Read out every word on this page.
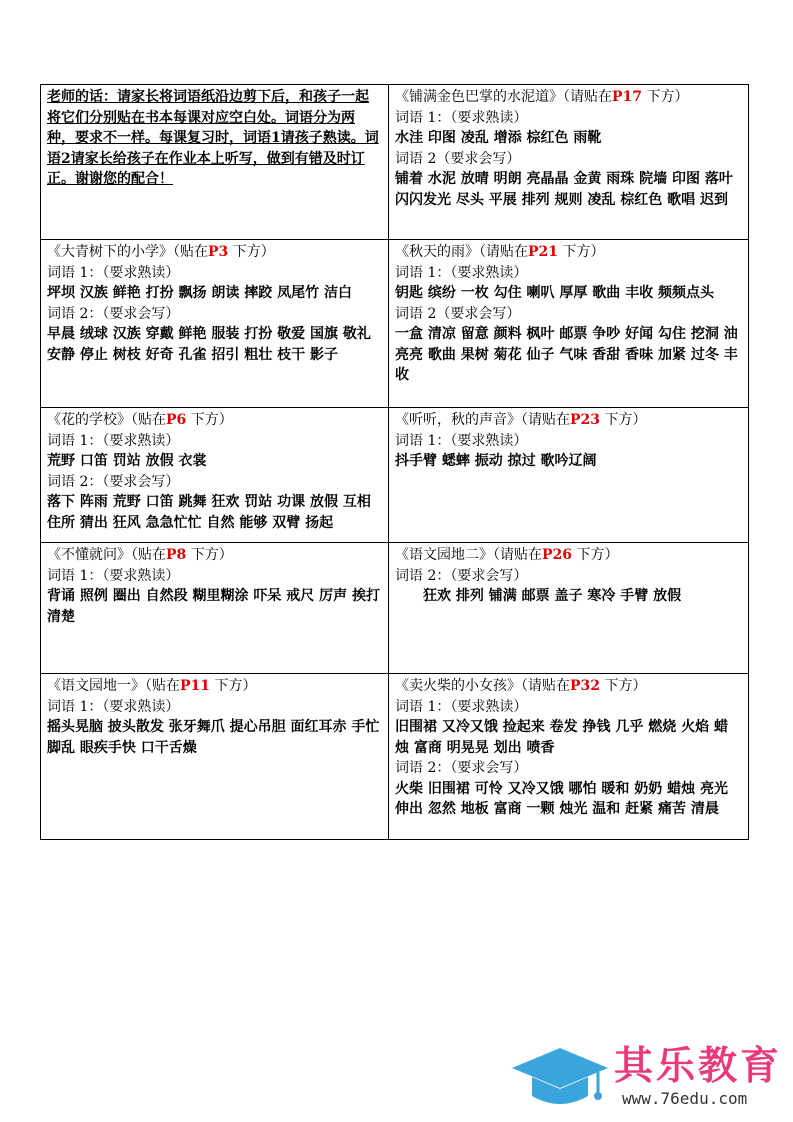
老师的话：请家长将词语纸沿边剪下后，和孩子一起将它们分别贴在书本每课对应空白处。词语分为两种，要求不一样。每课复习时，词语1请孩子熟读。词语2请家长给孩子在作业本上听写，做到有错及时订正。谢谢您的配合！	《铺满金色巴掌的水泥道》（请贴在P17 下方）
词语 1：（要求熟读）
水洼 印图 凌乱 增添 棕红色 雨靴
词语 2（要求会写）
铺着 水泥 放晴 明朗 亮晶晶 金黄 雨珠 院墙 印图 落叶 闪闪发光 尽头 平展 排列 规则 凌乱 棕红色 歌唱 迟到

《大青树下的小学》（贴在P3 下方）
词语 1：（要求熟读）
坪坝 汉族 鲜艳 打扮 飘扬 朗读 摔跤 凤尾竹 洁白
词语 2：（要求会写）
早晨 绒球 汉族 穿戴 鲜艳 服装 打扮 敬爱 国旗 敬礼 安静 停止 树枝 好奇 孔雀 招引 粗壮 枝干 影子	《秋天的雨》（请贴在P21 下方）
词语 1：（要求熟读）
钥匙 缤纷 一枚 勾住 喇叭 厚厚 歌曲 丰收 频频点头
词语 2（要求会写）
一盒 清凉 留意 颜料 枫叶 邮票 争吵 好闻 勾住 挖洞 油亮亮 歌曲 果树 菊花 仙子 气味 香甜 香味 加紧 过冬 丰收

《花的学校》（贴在P6 下方）
词语 1：（要求熟读）
荒野 口笛 罚站 放假 衣裳
词语 2：（要求会写）
落下 阵雨 荒野 口笛 跳舞 狂欢 罚站 功课 放假 互相 住所 猜出 狂风 急急忙忙 自然 能够 双臂 扬起	《听听，秋的声音》（请贴在P23 下方）
词语 1：（要求熟读）
抖手臂 蟋蟀 振动 掠过 歌吟辽阔

《不懂就问》（贴在P8 下方）
词语 1：（要求熟读）
背诵 照例 圈出 自然段 糊里糊涂 吓呆 戒尺 厉声 挨打 清楚	《语文园地二》（请贴在P26 下方）
词语 2：（要求会写）
狂欢 排列 铺满 邮票 盖子 寒冷 手臂 放假

《语文园地一》（贴在P11 下方）
词语 1：（要求熟读）
摇头晃脑 披头散发 张牙舞爪 提心吊胆 面红耳赤 手忙脚乱 眼疾手快 口干舌燥	《卖火柴的小女孩》（请贴在P32 下方）
词语 1：（要求熟读）
旧围裙 又冷又饿 捡起来 卷发 挣钱 几乎 燃烧 火焰 蜡烛 富商 明晃晃 划出 喷香
词语 2：（要求会写）
火柴 旧围裙 可怜 又冷又饿 哪怕 暖和 奶奶 蜡烛 亮光 伸出 忽然 地板 富商 一颗 烛光 温和 赶紧 痛苦 清晨
其乐教育
www.76edu.com
